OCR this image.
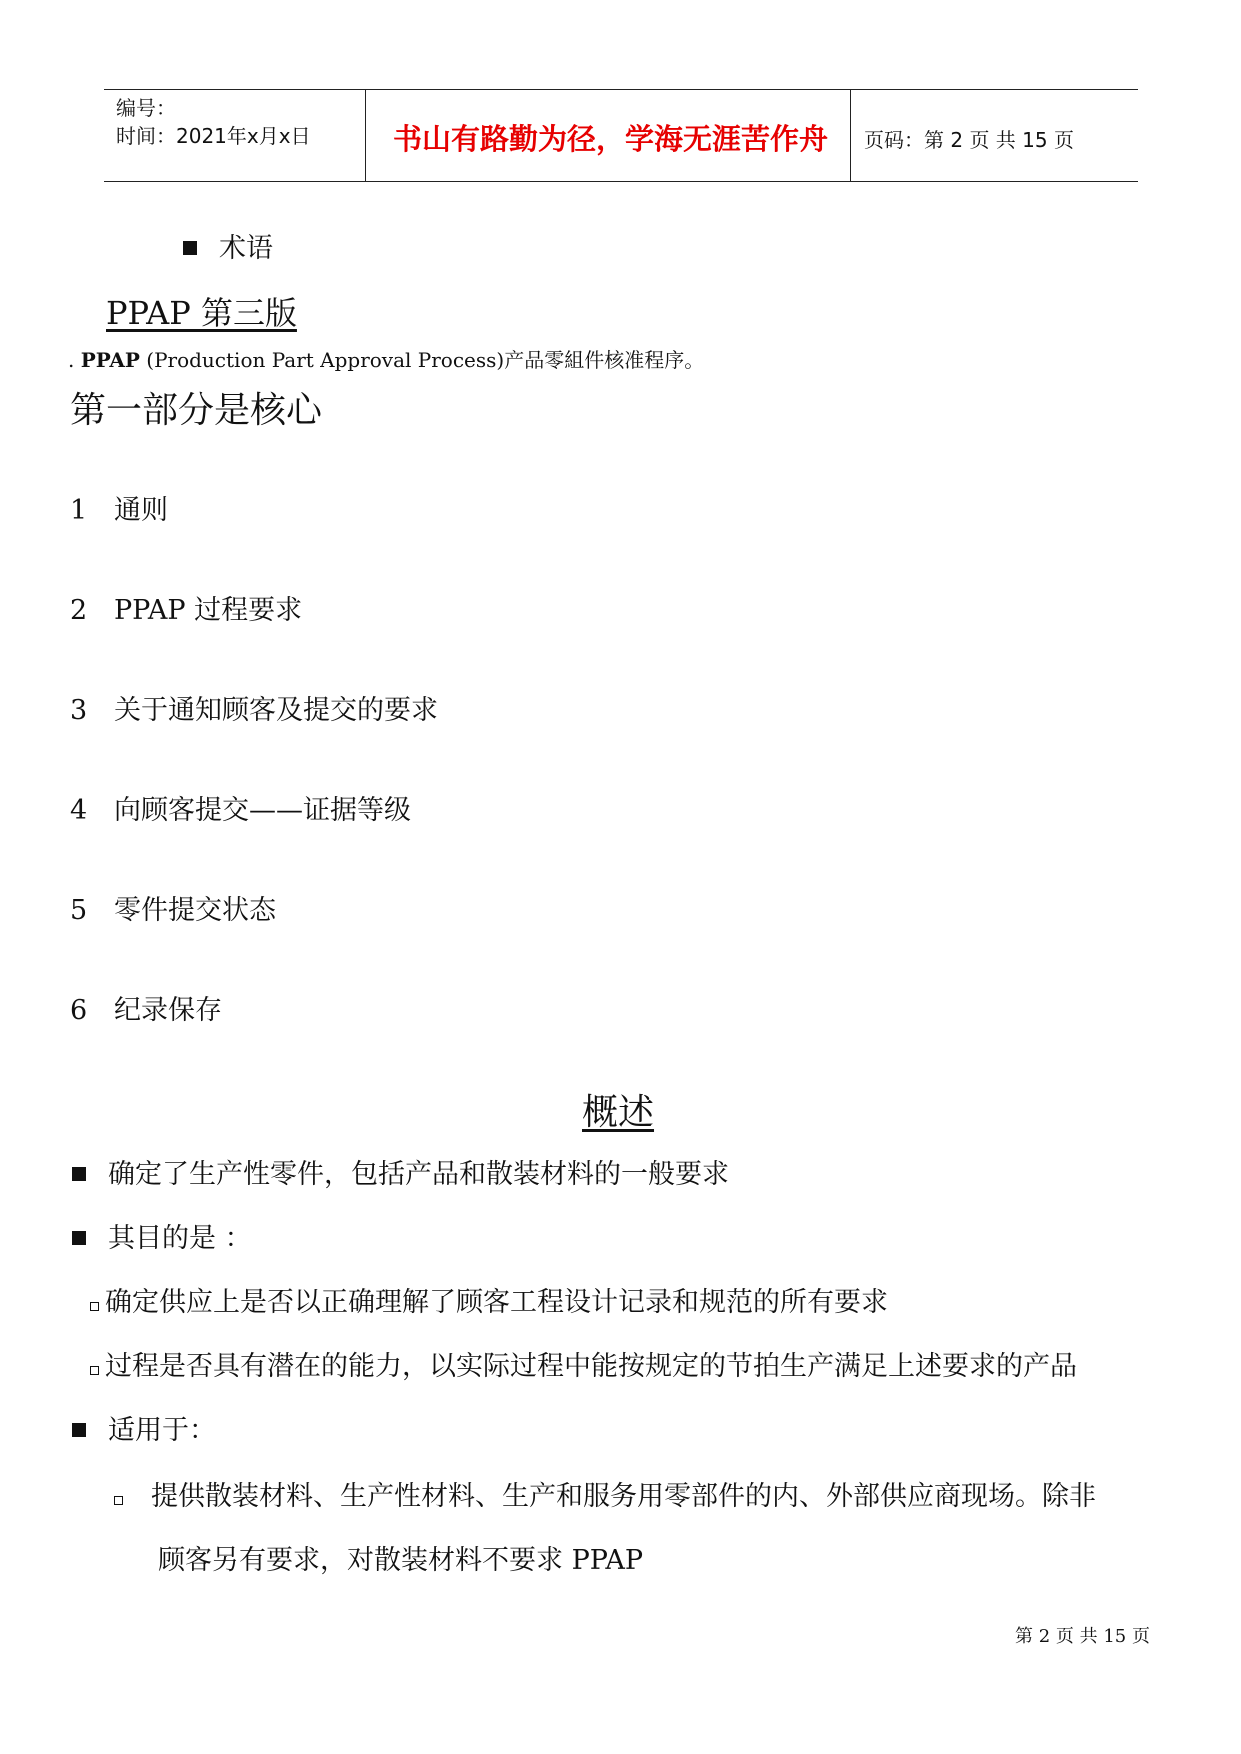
编号：
时间：2021年x月x日	书山有路勤为径，学海无涯苦作舟 页码：第 2 页 共 15 页
术语
PPAP 第三版
. PPAP (Production Part Approval Process)产品零組件核准程序。
第一部分是核心
1 通则
2 PPAP 过程要求
3 关于通知顾客及提交的要求
4 向顾客提交——证据等级
5 零件提交状态
6 纪录保存
概述
确定了生产性零件，包括产品和散装材料的一般要求
其目的是 ：
确定供应上是否以正确理解了顾客工程设计记录和规范的所有要求
过程是否具有潜在的能力，以实际过程中能按规定的节拍生产满足上述要求的产品
适用于：
提供散装材料、生产性材料、生产和服务用零部件的内、外部供应商现场。除非
顾客另有要求，对散装材料不要求 PPAP
第 2 页 共 15 页
